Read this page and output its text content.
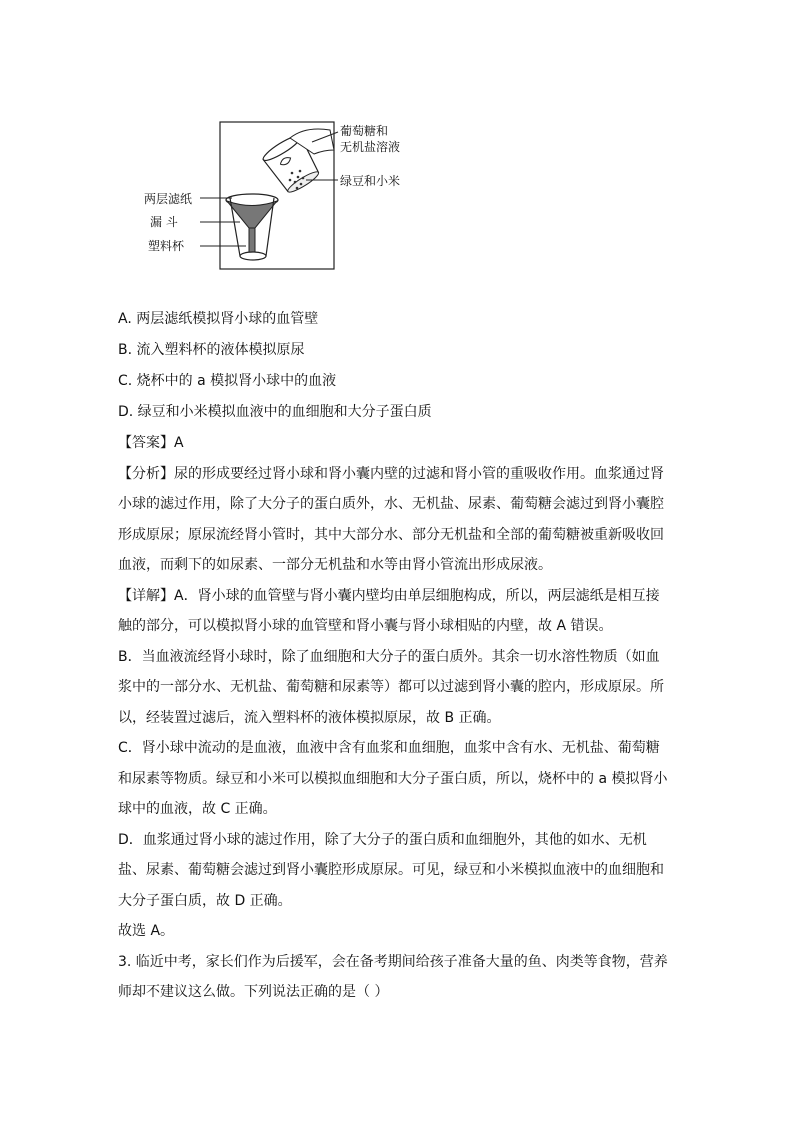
葡萄糖和
无机盐溶液
绿豆和小米
两层滤纸
漏 斗
塑料杯
A. 两层滤纸模拟肾小球的血管壁
B. 流入塑料杯的液体模拟原尿
C. 烧杯中的 a 模拟肾小球中的血液
D. 绿豆和小米模拟血液中的血细胞和大分子蛋白质

【答案】A

【分析】尿的形成要经过肾小球和肾小囊内壁的过滤和肾小管的重吸收作用。血浆通过肾
小球的滤过作用，除了大分子的蛋白质外，水、无机盐、尿素、葡萄糖会滤过到肾小囊腔
形成原尿；原尿流经肾小管时，其中大部分水、部分无机盐和全部的葡萄糖被重新吸收回
血液，而剩下的如尿素、一部分无机盐和水等由肾小管流出形成尿液。

【详解】A．肾小球的血管壁与肾小囊内壁均由单层细胞构成，所以，两层滤纸是相互接
触的部分，可以模拟肾小球的血管壁和肾小囊与肾小球相贴的内壁，故 A 错误。

B．当血液流经肾小球时，除了血细胞和大分子的蛋白质外。其余一切水溶性物质（如血
浆中的一部分水、无机盐、葡萄糖和尿素等）都可以过滤到肾小囊的腔内，形成原尿。所
以，经装置过滤后，流入塑料杯的液体模拟原尿，故 B 正确。

C．肾小球中流动的是血液，血液中含有血浆和血细胞，血浆中含有水、无机盐、葡萄糖
和尿素等物质。绿豆和小米可以模拟血细胞和大分子蛋白质，所以，烧杯中的 a 模拟肾小
球中的血液，故 C 正确。

D．血浆通过肾小球的滤过作用，除了大分子的蛋白质和血细胞外，其他的如水、无机
盐、尿素、葡萄糖会滤过到肾小囊腔形成原尿。可见，绿豆和小米模拟血液中的血细胞和
大分子蛋白质，故 D 正确。

故选 A。

3. 临近中考，家长们作为后援军，会在备考期间给孩子准备大量的鱼、肉类等食物，营养
师却不建议这么做。下列说法正确的是（ ）
